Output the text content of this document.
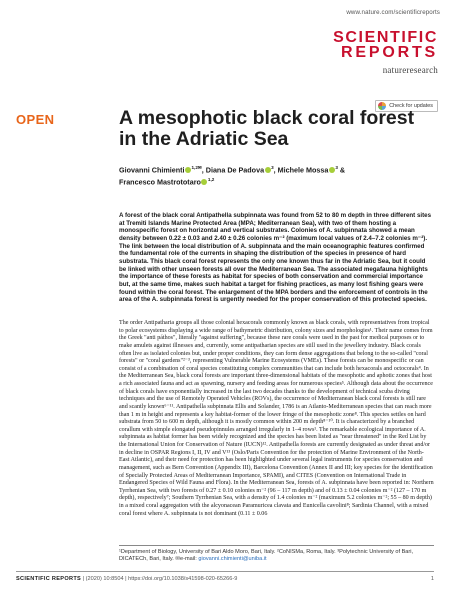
www.nature.com/scientificreports
SCIENTIFIC
REPORTS
natureresearch
Check for updates
OPEN	A mesophotic black coral forest in the Adriatic Sea
Giovanni Chimienti $^{1,2✉}$, Diana De Padova $^3$, Michele Mossa $^3$ &
Francesco Mastrototaro $^{1,2}$

A forest of the black coral Antipathella subpinnata was found from 52 to 80 m depth in three different sites at Tremiti Islands Marine Protected Area (MPA; Mediterranean Sea), with two of them hosting a monospecific forest on horizontal and vertical substrates. Colonies of A. subpinnata showed a mean density between 0.22 ± 0.03 and 2.40 ± 0.26 colonies m⁻² (maximum local values of 2.4–7.2 colonies m⁻²). The link between the local distribution of A. subpinnata and the main oceanographic features confirmed the fundamental role of the currents in shaping the distribution of the species in presence of hard substrata. This black coral forest represents the only one known thus far in the Adriatic Sea, but it could be linked with other unseen forests all over the Mediterranean Sea. The associated megafauna highlights the importance of these forests as habitat for species of both conservation and commercial importance but, at the same time, makes such habitat a target for fishing practices, as many lost fishing gears were found within the coral forest. The enlargement of the MPA borders and the enforcement of controls in the area of the A. subpinnata forest is urgently needed for the proper conservation of this protected species.

The order Antipatharia groups all those colonial hexacorals commonly known as black corals, with representatives from tropical to polar ecosystems displaying a wide range of bathymetric distribution, colony sizes and morphologies¹. Their name comes from the Greek "anti páthos", literally "against suffering", because these rare corals were used in the past for medical purposes or to make amulets against illnesses and, currently, some antipatharian species are still used in the jewellery industry. Black corals often live as isolated colonies but, under proper conditions, they can form dense aggregations that belong to the so-called "coral forests" or "coral gardens"²⁻³, representing Vulnerable Marine Ecosystems (VMEs). These forests can be monospecific or can consist of a combination of coral species constituting complex communities that can include both hexacorals and octocorals⁴. In the Mediterranean Sea, black coral forests are important three-dimensional habitats of the mesophotic and aphotic zones that host a rich associated fauna and act as spawning, nursery and feeding areas for numerous species⁵. Although data about the occurrence of black corals have exponentially increased in the last two decades thanks to the development of technical scuba diving techniques and the use of Remotely Operated Vehicles (ROVs), the occurrence of Mediterranean black coral forests is still rare and scantly known⁶⁻¹¹. Antipathella subpinnata Ellis and Solander, 1786 is an Atlanto-Mediterranean species that can reach more than 1 m in height and represents a key habitat-former of the lower fringe of the mesophotic zone⁸. This species settles on hard substrata from 50 to 600 m depth, although it is mostly common within 200 m depth⁸⁻¹⁰. It is characterized by a branched corallum with simple elongated pseudopinnules arranged irregularly in 1–4 rows¹. The remarkable ecological importance of A. subpinnata as habitat former has been widely recognized and the species has been listed as "near threatened" in the Red List by the International Union for Conservation of Nature (IUCN)¹². Antipathella forests are currently designated as under threat and/or in decline in OSPAR Regions I, II, IV and V¹³ (Oslo/Paris Convention for the protection of Marine Environment of the North-East Atlantic), and their need for protection has been highlighted under several legal instruments for species conservation and management, such as Bern Convention (Appendix III), Barcelona Convention (Annex II and III; key species for the identification of Specially Protected Areas of Mediterranean Importance, SPAMI), and CITES (Convention on International Trade in Endangered Species of Wild Fauna and Flora). In the Mediterranean Sea, forests of A. subpinnata have been reported in: Northern Tyrrhenian Sea, with two forests of 0.27 ± 0.10 colonies m⁻² (96 – 117 m depth) and of 0.13 ± 0.04 colonies m⁻² (127 – 170 m depth), respectively⁷; Southern Tyrrhenian Sea, with a density of 1.4 colonies m⁻² (maximum 5.2 colonies m⁻²; 55 – 80 m depth) in a mixed coral aggregation with the alcyonacean Paramuricea clavata and Eunicella cavolini⁸; Sardinia Channel, with a mixed coral forest where A. subpinnata is not dominant (0.11 ± 0.06

¹Department of Biology, University of Bari Aldo Moro, Bari, Italy. ²CoNISMa, Roma, Italy. ³Polytechnic University of Bari, DICATECh, Bari, Italy. ✉e-mail: giovanni.chimienti@uniba.it
SCIENTIFIC REPORTS | (2020) 10:8504 | https://doi.org/10.1038/s41598-020-65266-9	1
